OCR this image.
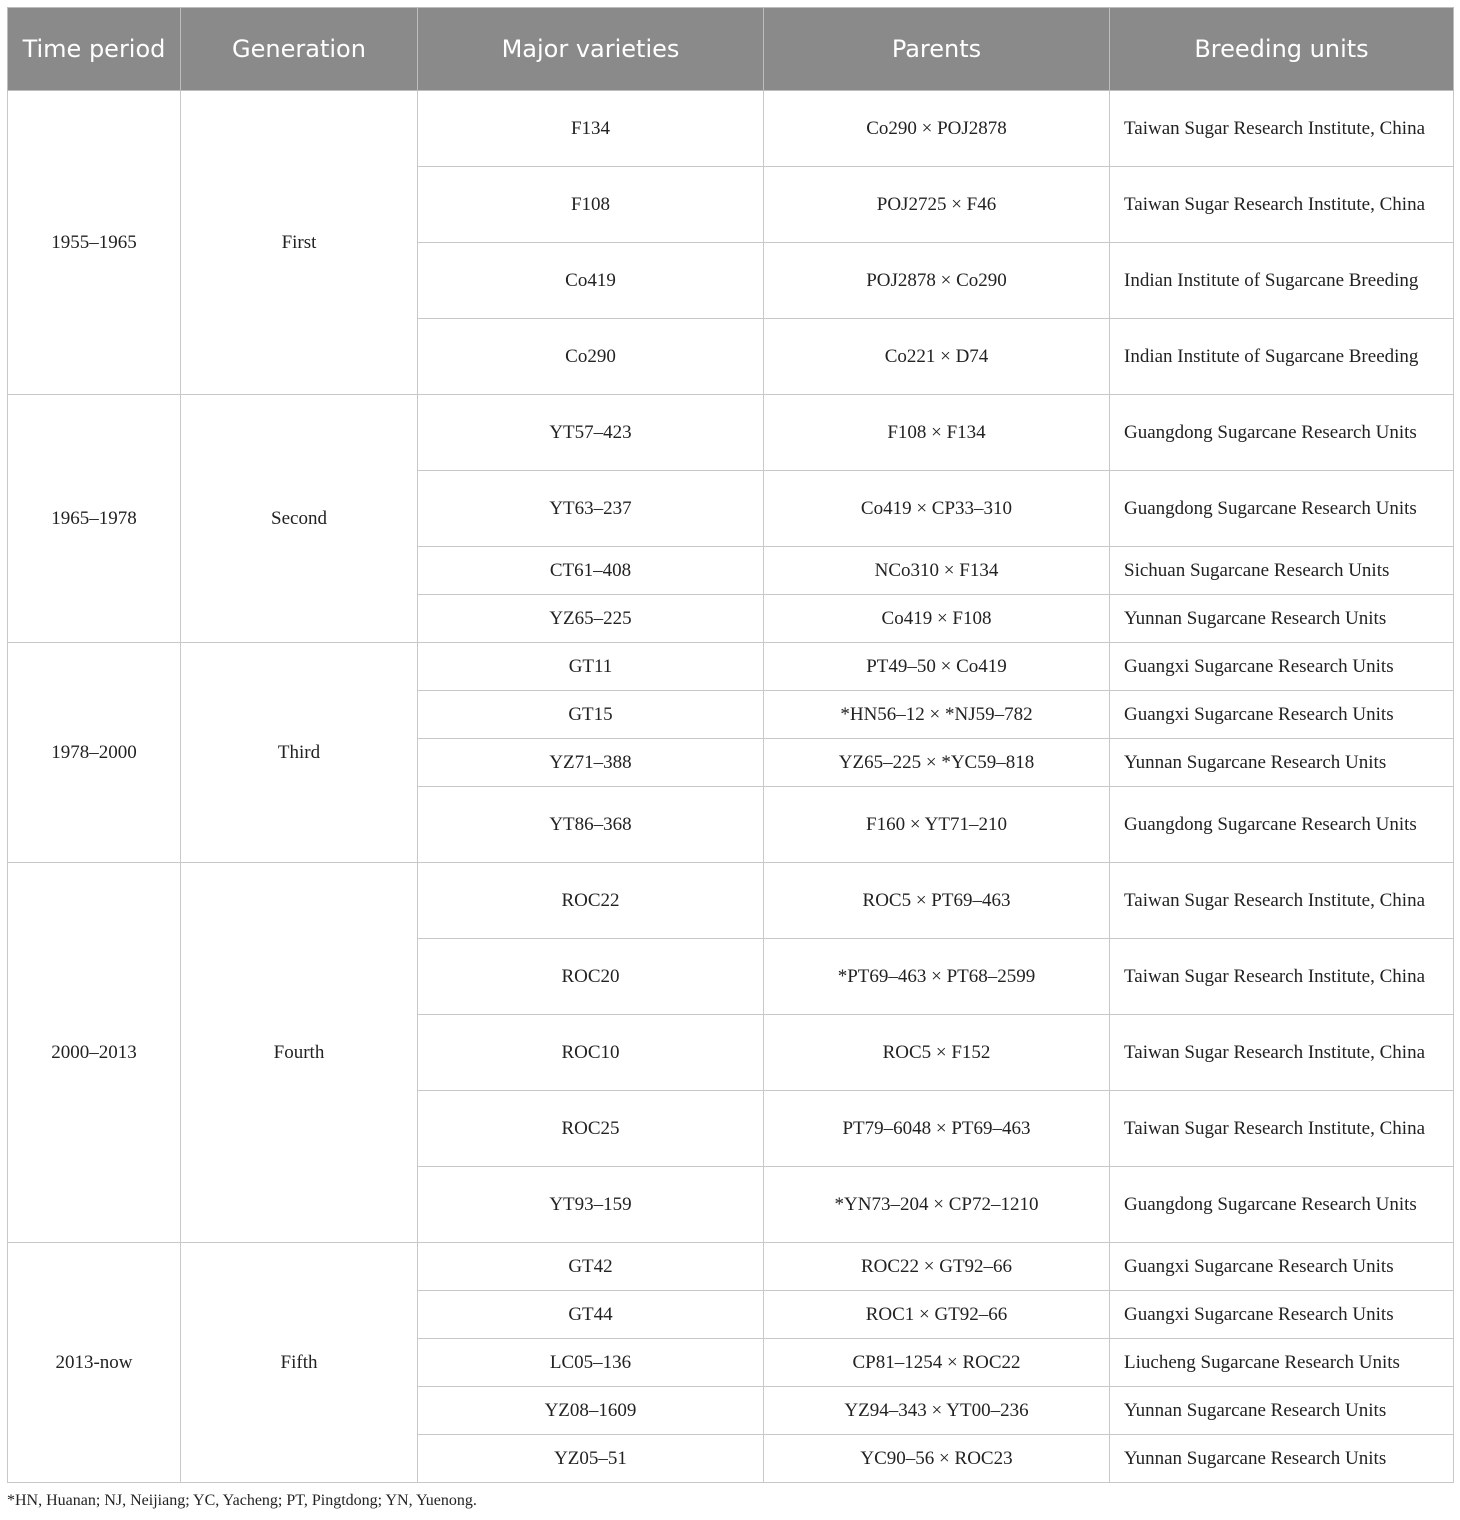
Time period	Generation	Major varieties	Parents	Breeding units
1955–1965	First	F134	Co290 × POJ2878	Taiwan Sugar Research Institute, China
		F108	POJ2725 × F46	Taiwan Sugar Research Institute, China
		Co419	POJ2878 × Co290	Indian Institute of Sugarcane Breeding
		Co290	Co221 × D74	Indian Institute of Sugarcane Breeding
1965–1978	Second	YT57–423	F108 × F134	Guangdong Sugarcane Research Units
		YT63–237	Co419 × CP33–310	Guangdong Sugarcane Research Units
		CT61–408	NCo310 × F134	Sichuan Sugarcane Research Units
		YZ65–225	Co419 × F108	Yunnan Sugarcane Research Units
1978–2000	Third	GT11	PT49–50 × Co419	Guangxi Sugarcane Research Units
		GT15	*HN56–12 × *NJ59–782	Guangxi Sugarcane Research Units
		YZ71–388	YZ65–225 × *YC59–818	Yunnan Sugarcane Research Units
		YT86–368	F160 × YT71–210	Guangdong Sugarcane Research Units
2000–2013	Fourth	ROC22	ROC5 × PT69–463	Taiwan Sugar Research Institute, China
		ROC20	*PT69–463 × PT68–2599	Taiwan Sugar Research Institute, China
		ROC10	ROC5 × F152	Taiwan Sugar Research Institute, China
		ROC25	PT79–6048 × PT69–463	Taiwan Sugar Research Institute, China
		YT93–159	*YN73–204 × CP72–1210	Guangdong Sugarcane Research Units
2013-now	Fifth	GT42	ROC22 × GT92–66	Guangxi Sugarcane Research Units
		GT44	ROC1 × GT92–66	Guangxi Sugarcane Research Units
		LC05–136	CP81–1254 × ROC22	Liucheng Sugarcane Research Units
		YZ08–1609	YZ94–343 × YT00–236	Yunnan Sugarcane Research Units
		YZ05–51	YC90–56 × ROC23	Yunnan Sugarcane Research Units
*HN, Huanan; NJ, Neijiang; YC, Yacheng; PT, Pingtdong; YN, Yuenong.
